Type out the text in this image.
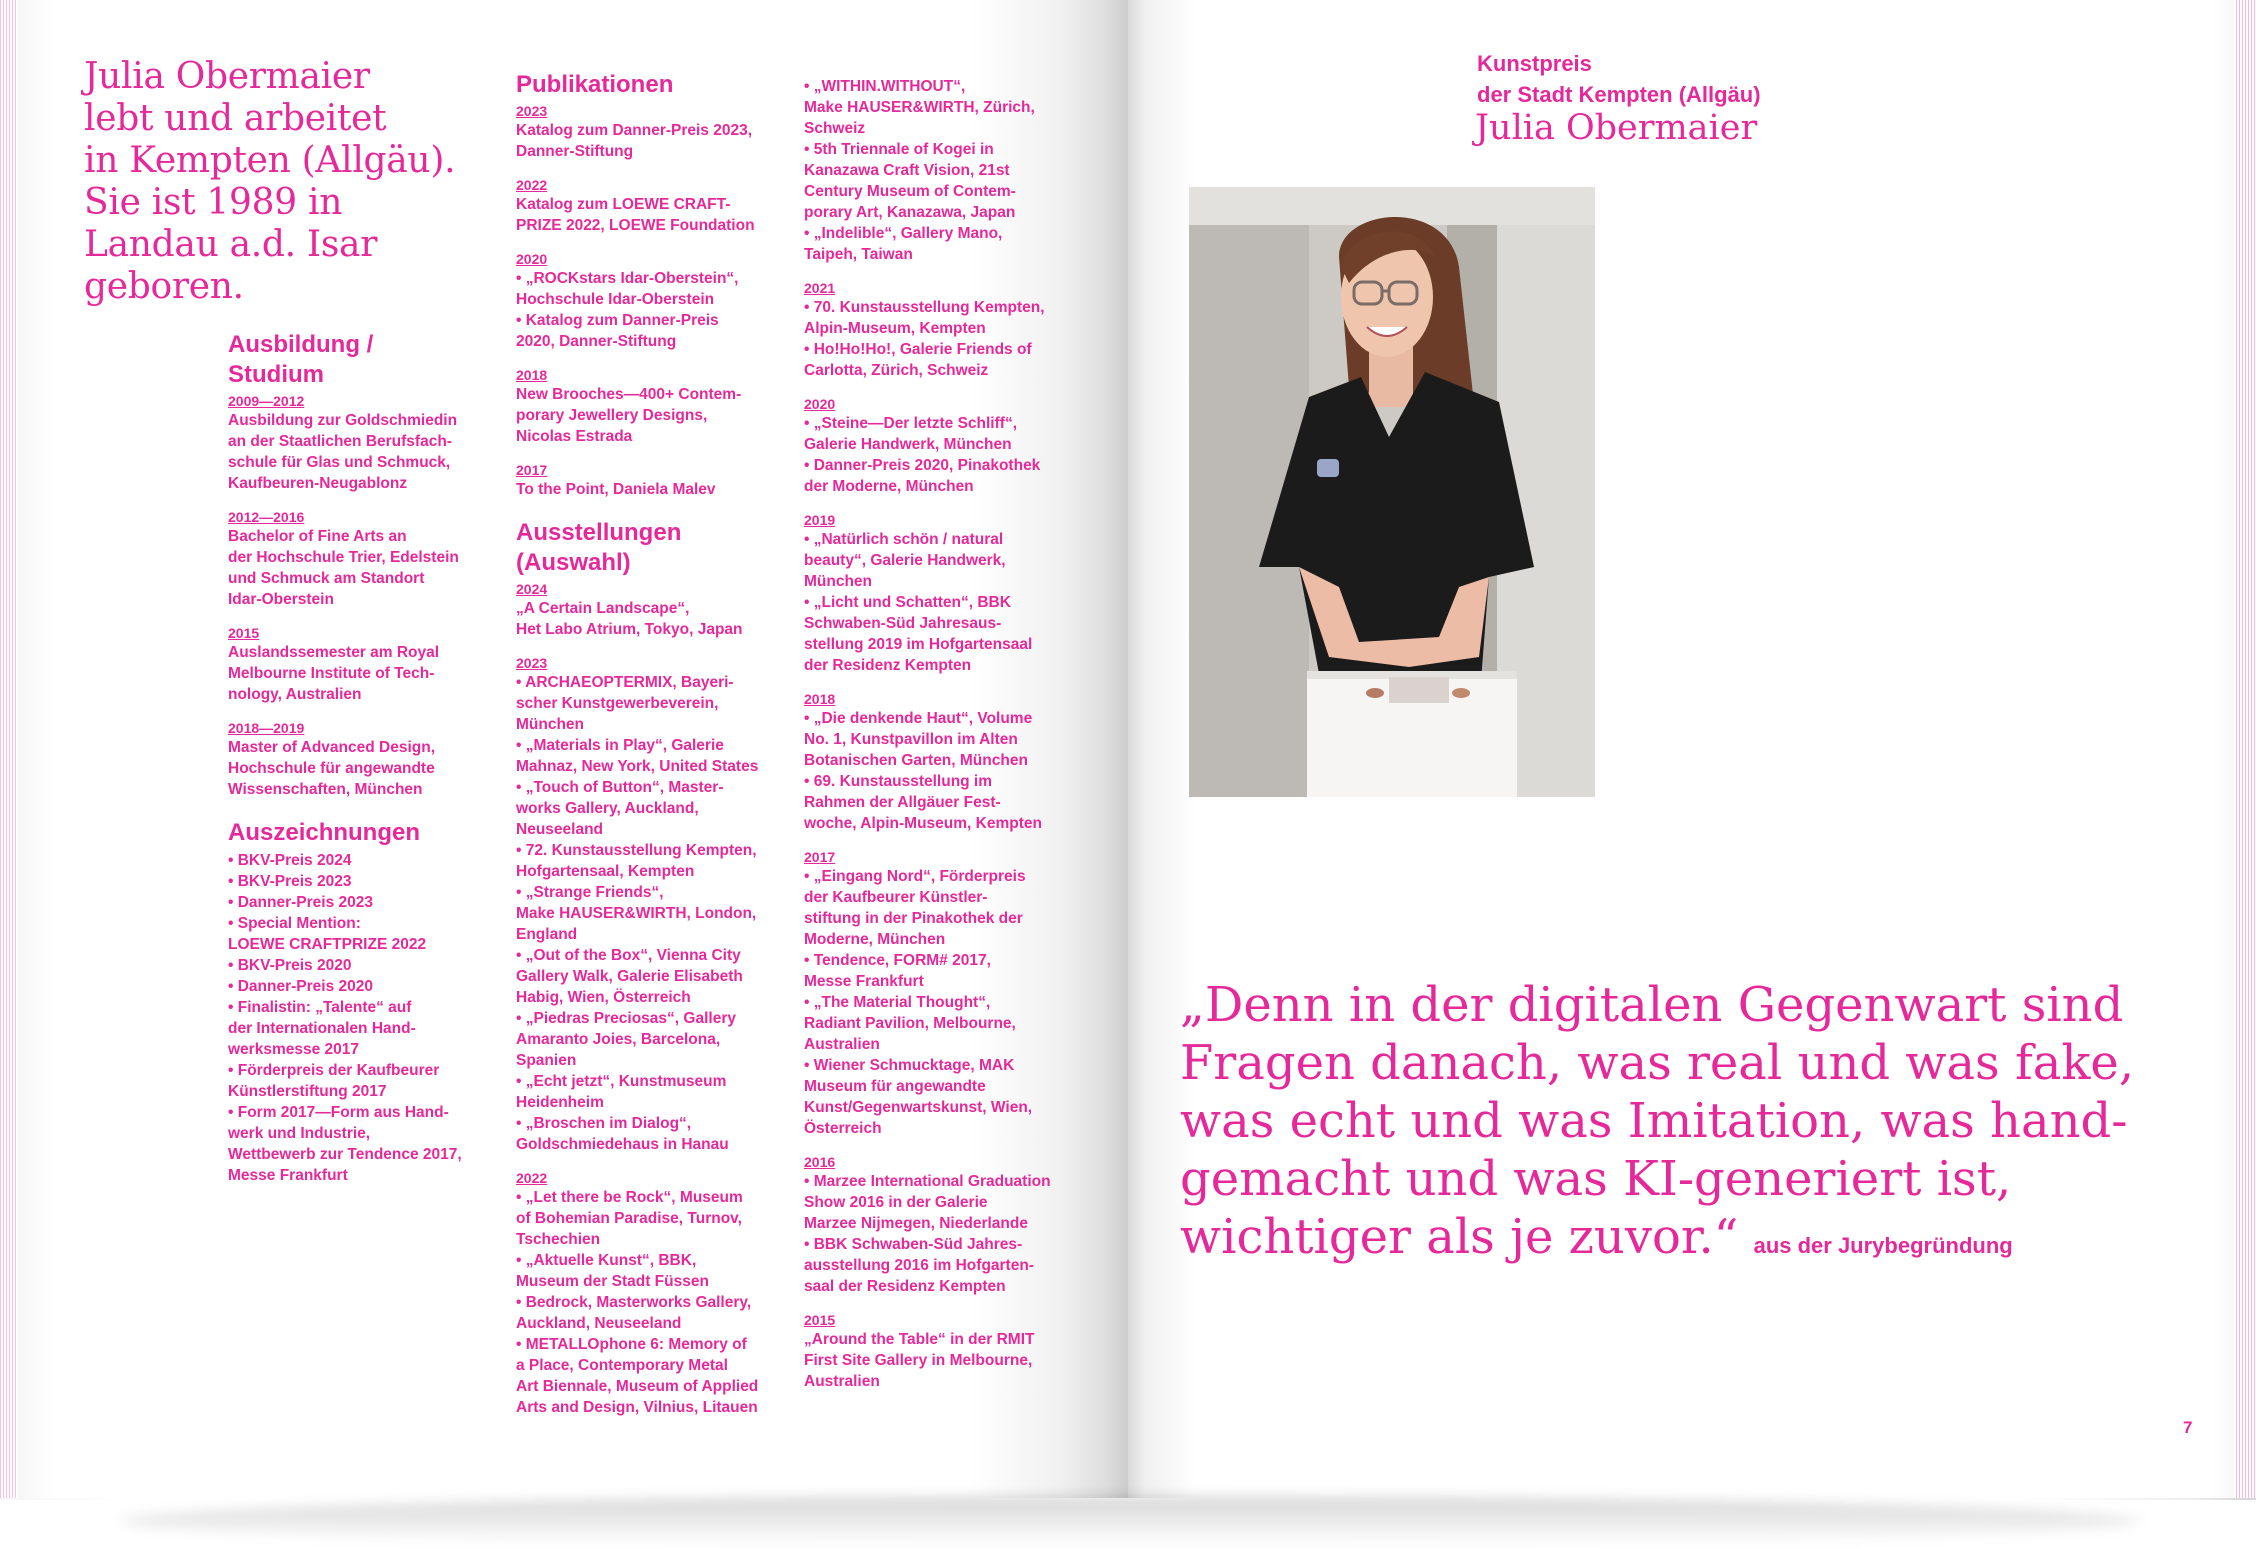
Julia Obermaier
lebt und arbeitet
in Kempten (Allgäu).
Sie ist 1989 in
Landau a.d. Isar
geboren.
Ausbildung /
Studium
2009—2012
Ausbildung zur Goldschmiedin
an der Staatlichen Berufsfach-
schule für Glas und Schmuck,
Kaufbeuren-Neugablonz
2012—2016
Bachelor of Fine Arts an
der Hochschule Trier, Edelstein
und Schmuck am Standort
Idar-Oberstein
2015
Auslandssemester am Royal
Melbourne Institute of Tech-
nology, Australien
2018—2019
Master of Advanced Design,
Hochschule für angewandte
Wissenschaften, München
Auszeichnungen
• BKV-Preis 2024
• BKV-Preis 2023
• Danner-Preis 2023
• Special Mention:
LOEWE CRAFTPRIZE 2022
• BKV-Preis 2020
• Danner-Preis 2020
• Finalistin: „Talente“ auf
der Internationalen Hand-
werksmesse 2017
• Förderpreis der Kaufbeurer
Künstlerstiftung 2017
• Form 2017—Form aus Hand-
werk und Industrie,
Wettbewerb zur Tendence 2017,
Messe Frankfurt
Publikationen
2023
Katalog zum Danner-Preis 2023,
Danner-Stiftung
2022
Katalog zum LOEWE CRAFT-
PRIZE 2022, LOEWE Foundation
2020
• „ROCKstars Idar-Oberstein“,
Hochschule Idar-Oberstein
• Katalog zum Danner-Preis
2020, Danner-Stiftung
2018
New Brooches—400+ Contem-
porary Jewellery Designs,
Nicolas Estrada
2017
To the Point, Daniela Malev
Ausstellungen
(Auswahl)
2024
„A Certain Landscape“,
Het Labo Atrium, Tokyo, Japan
2023
• ARCHAEOPTERMIX, Bayeri-
scher Kunstgewerbeverein,
München
• „Materials in Play“, Galerie
Mahnaz, New York, United States
• „Touch of Button“, Master-
works Gallery, Auckland,
Neuseeland
• 72. Kunstausstellung Kempten,
Hofgartensaal, Kempten
• „Strange Friends“,
Make HAUSER&WIRTH, London,
England
• „Out of the Box“, Vienna City
Gallery Walk, Galerie Elisabeth
Habig, Wien, Österreich
• „Piedras Preciosas“, Gallery
Amaranto Joies, Barcelona,
Spanien
• „Echt jetzt“, Kunstmuseum
Heidenheim
• „Broschen im Dialog“,
Goldschmiedehaus in Hanau
2022
• „Let there be Rock“, Museum
of Bohemian Paradise, Turnov,
Tschechien
• „Aktuelle Kunst“, BBK,
Museum der Stadt Füssen
• Bedrock, Masterworks Gallery,
Auckland, Neuseeland
• METALLOphone 6: Memory of
a Place, Contemporary Metal
Art Biennale, Museum of Applied
Arts and Design, Vilnius, Litauen
• „WITHIN.WITHOUT“,
Make HAUSER&WIRTH, Zürich,
Schweiz
• 5th Triennale of Kogei in
Kanazawa Craft Vision, 21st
Century Museum of Contem-
porary Art, Kanazawa, Japan
• „Indelible“, Gallery Mano,
Taipeh, Taiwan
2021
• 70. Kunstausstellung Kempten,
Alpin-Museum, Kempten
• Ho!Ho!Ho!, Galerie Friends of
Carlotta, Zürich, Schweiz
2020
• „Steine—Der letzte Schliff“,
Galerie Handwerk, München
• Danner-Preis 2020, Pinakothek
der Moderne, München
2019
• „Natürlich schön / natural
beauty“, Galerie Handwerk,
München
• „Licht und Schatten“, BBK
Schwaben-Süd Jahresaus-
stellung 2019 im Hofgartensaal
der Residenz Kempten
2018
• „Die denkende Haut“, Volume
No. 1, Kunstpavillon im Alten
Botanischen Garten, München
• 69. Kunstausstellung im
Rahmen der Allgäuer Fest-
woche, Alpin-Museum, Kempten
2017
• „Eingang Nord“, Förderpreis
der Kaufbeurer Künstler-
stiftung in der Pinakothek der
Moderne, München
• Tendence, FORM# 2017,
Messe Frankfurt
• „The Material Thought“,
Radiant Pavilion, Melbourne,
Australien
• Wiener Schmucktage, MAK
Museum für angewandte
Kunst/Gegenwartskunst, Wien,
Österreich
2016
• Marzee International Graduation
Show 2016 in der Galerie
Marzee Nijmegen, Niederlande
• BBK Schwaben-Süd Jahres-
ausstellung 2016 im Hofgarten-
saal der Residenz Kempten
2015
„Around the Table“ in der RMIT
First Site Gallery in Melbourne,
Australien
Kunstpreis
der Stadt Kempten (Allgäu)
Julia Obermaier
„Denn in der digitalen Gegenwart sind
Fragen danach, was real und was fake,
was echt und was Imitation, was hand-
gemacht und was KI-generiert ist,
wichtiger als je zuvor.“ aus der Jurybegründung
7
